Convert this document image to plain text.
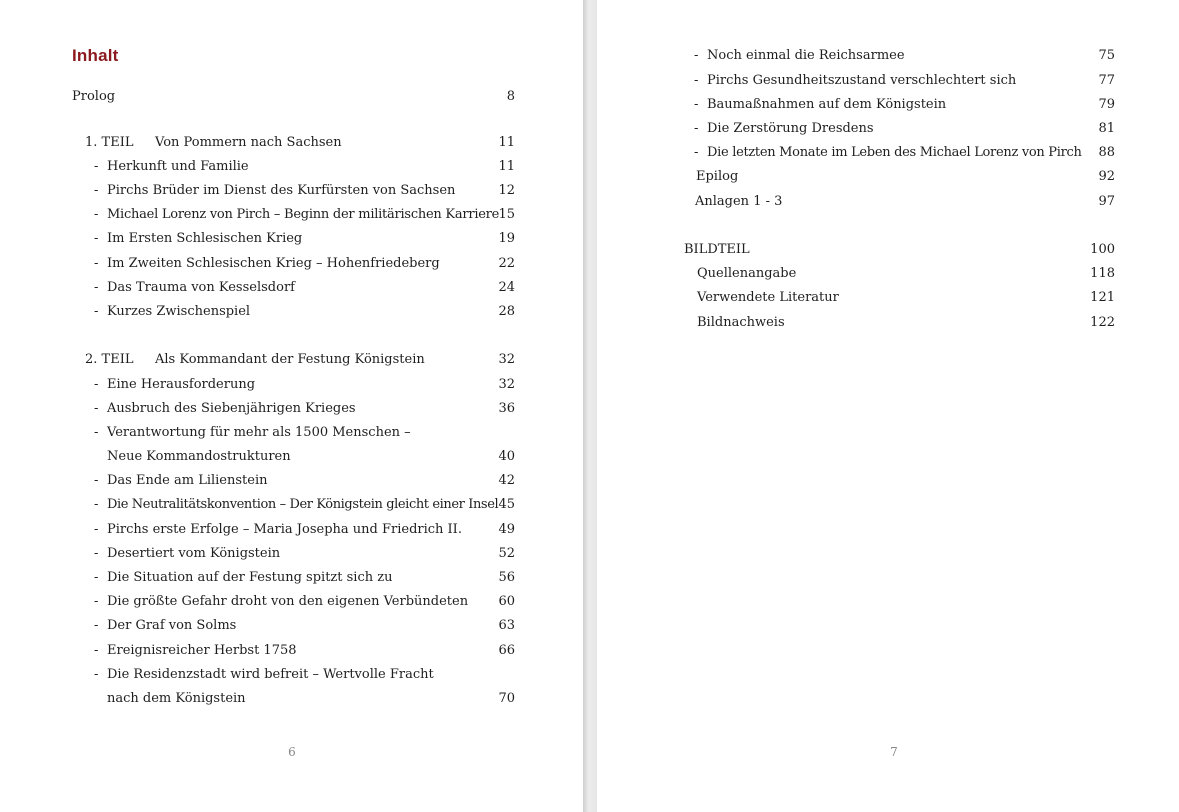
Inhalt
Prolog	8
1. TEIL Von Pommern nach Sachsen	11
- Herkunft und Familie	11
- Pirchs Brüder im Dienst des Kurfürsten von Sachsen	12
- Michael Lorenz von Pirch – Beginn der militärischen Karriere 15
- Im Ersten Schlesischen Krieg	19
- Im Zweiten Schlesischen Krieg – Hohenfriedeberg	22
- Das Trauma von Kesselsdorf	24
- Kurzes Zwischenspiel	28
2. TEIL Als Kommandant der Festung Königstein	32
- Eine Herausforderung	32
- Ausbruch des Siebenjährigen Krieges	36
- Verantwortung für mehr als 1500 Menschen –
Neue Kommandostrukturen	40
- Das Ende am Lilienstein	42
- Die Neutralitätskonvention – Der Königstein gleicht einer Insel 45
- Pirchs erste Erfolge – Maria Josepha und Friedrich II.	49
- Desertiert vom Königstein	52
- Die Situation auf der Festung spitzt sich zu	56
- Die größte Gefahr droht von den eigenen Verbündeten 60
- Der Graf von Solms	63
- Ereignisreicher Herbst 1758	66
- Die Residenzstadt wird befreit – Wertvolle Fracht
nach dem Königstein	70
6
- Noch einmal die Reichsarmee	75
- Pirchs Gesundheitszustand verschlechtert sich	77
- Baumaßnahmen auf dem Königstein	79
- Die Zerstörung Dresdens	81
- Die letzten Monate im Leben des Michael Lorenz von Pirch 88
Epilog	92
Anlagen 1 - 3	97
BILDTEIL	100
Quellenangabe	118
Verwendete Literatur	121
Bildnachweis	122
7
